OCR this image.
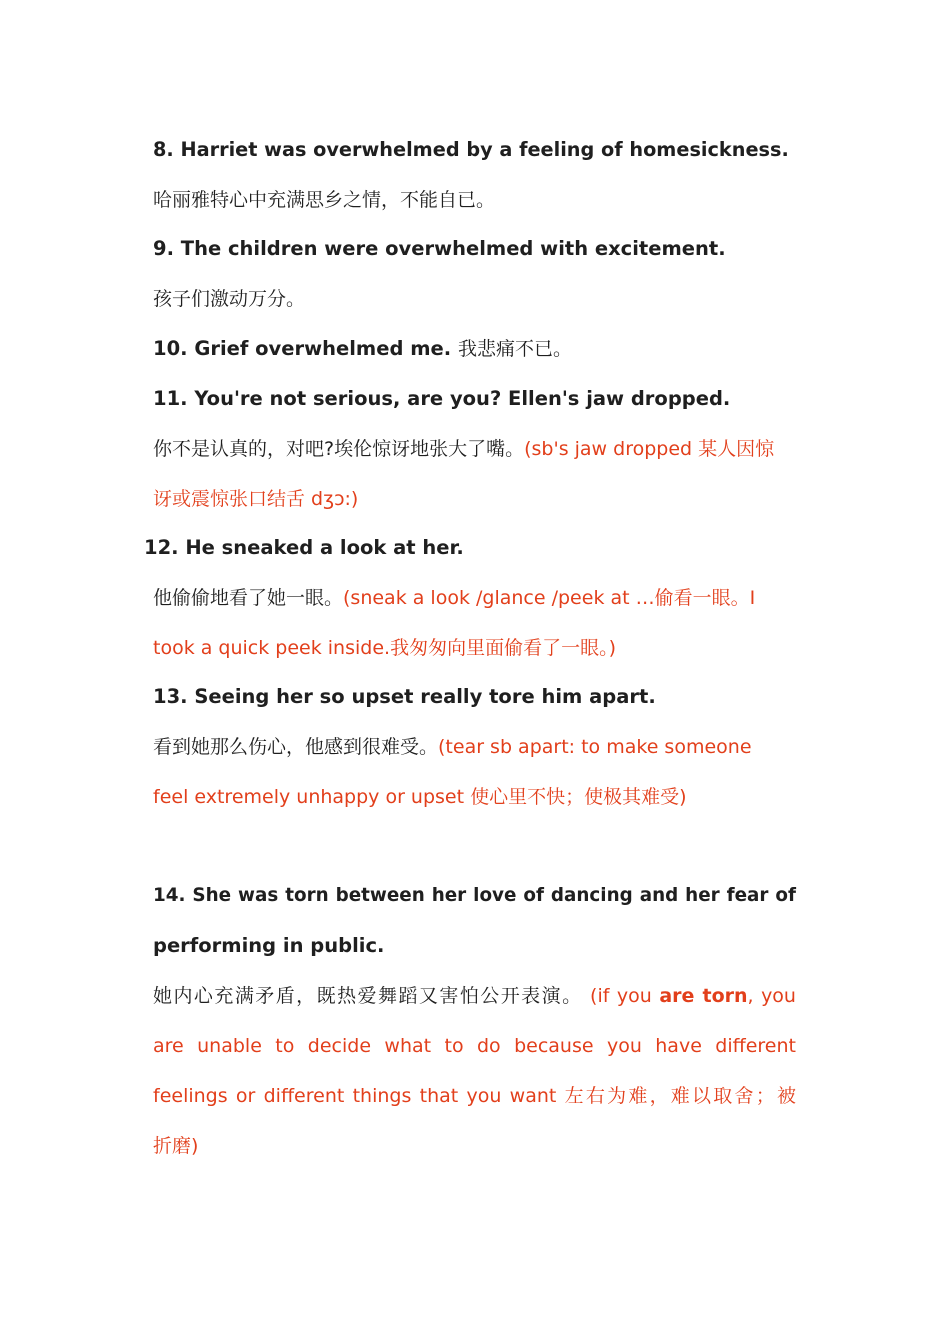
8. Harriet was overwhelmed by a feeling of homesickness.
哈丽雅特心中充满思乡之情，不能自已。
9. The children were overwhelmed with excitement.
孩子们激动万分。
10. Grief overwhelmed me. 我悲痛不已。
11. You're not serious, are you? Ellen's jaw dropped.
你不是认真的，对吧?埃伦惊讶地张大了嘴。(sb's jaw dropped 某人因惊
讶或震惊张口结舌 dʒɔ:)
12. He sneaked a look at her.
他偷偷地看了她一眼。(sneak a look /glance /peek at …偷看一眼。I
took a quick peek inside.我匆匆向里面偷看了一眼。)
13. Seeing her so upset really tore him apart.
看到她那么伤心，他感到很难受。(tear sb apart: to make someone
feel extremely unhappy or upset 使心里不快；使极其难受)
14. She was torn between her love of dancing and her fear of
performing in public.
她内心充满矛盾，既热爱舞蹈又害怕公开表演。 (if you are torn, you
are unable to decide what to do because you have different
feelings or different things that you want 左右为难，难以取舍；被
折磨)
